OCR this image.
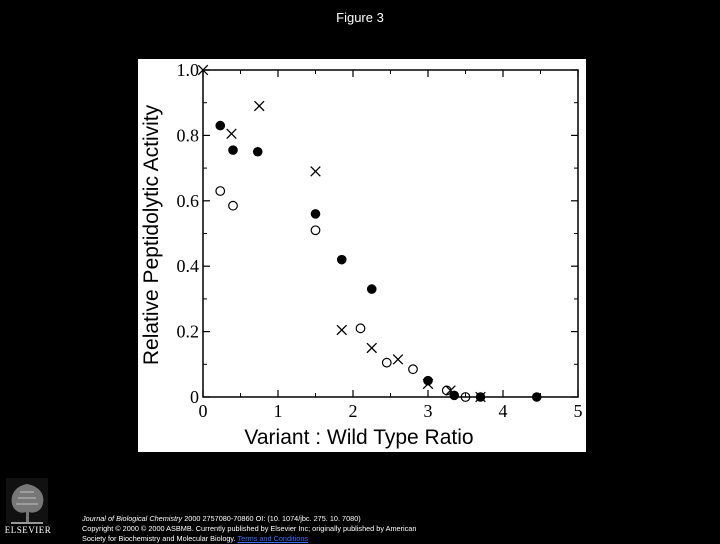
Figure 3
0	1	2	3	4	5
0
0.2
0.4
0.6
0.8
1.0
Variant : Wild Type Ratio
Relative Peptidolytic Activity
ELSEVIER
Journal of Biological Chemistry 2000 2757080-70860 OI: (10. 1074/jbc. 275. 10. 7080)
Copyright © 2000 © 2000 ASBMB. Currently published by Elsevier Inc; originally published by American
Society for Biochemistry and Molecular Biology. Terms and Conditions
